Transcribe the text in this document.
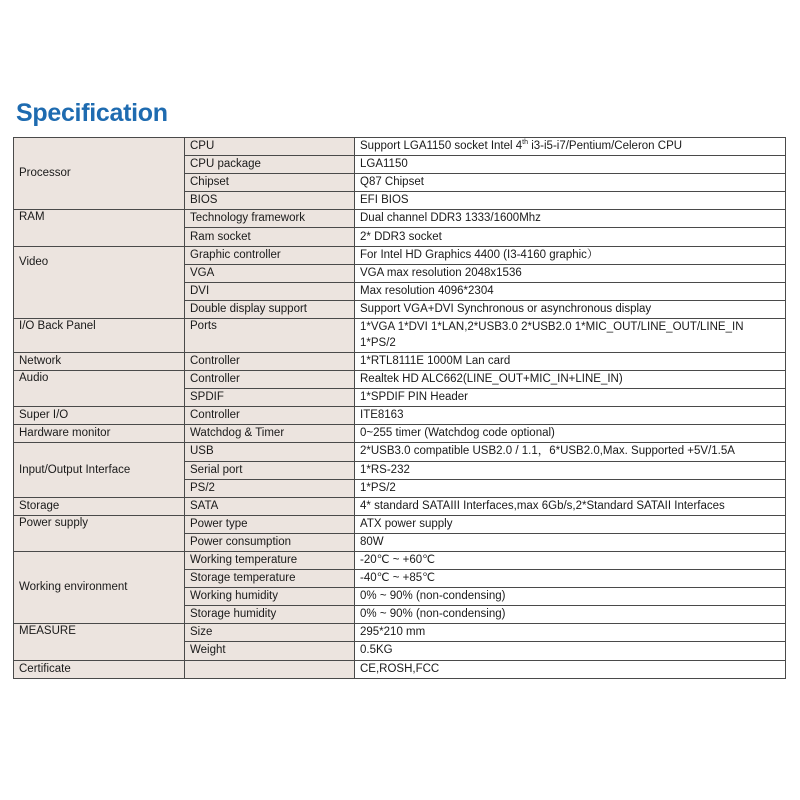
Specification
Processor	CPU	Support LGA1150 socket Intel 4th i3-i5-i7/Pentium/Celeron CPU
	CPU package	LGA1150
	Chipset	Q87 Chipset
	BIOS	EFI BIOS
RAM	Technology framework	Dual channel DDR3 1333/1600Mhz
	Ram socket	2* DDR3 socket
Video	Graphic controller	For Intel HD Graphics 4400 (I3-4160 graphic）
	VGA	VGA max resolution 2048x1536
	DVI	Max resolution 4096*2304
	Double display support	Support VGA+DVI Synchronous or asynchronous display
I/O Back Panel	Ports	1*VGA 1*DVI 1*LAN,2*USB3.0 2*USB2.0 1*MIC_OUT/LINE_OUT/LINE_IN 1*PS/2
Network	Controller	1*RTL8111E 1000M Lan card
Audio	Controller	Realtek HD ALC662(LINE_OUT+MIC_IN+LINE_IN)
	SPDIF	1*SPDIF PIN Header
Super I/O	Controller	ITE8163
Hardware monitor	Watchdog & Timer	0~255 timer (Watchdog code optional)
Input/Output Interface	USB	2*USB3.0 compatible USB2.0 / 1.1，6*USB2.0,Max. Supported +5V/1.5A
	Serial port	1*RS-232
	PS/2	1*PS/2
Storage	SATA	4* standard SATAIII Interfaces,max 6Gb/s,2*Standard SATAII Interfaces
Power supply	Power type	ATX power supply
	Power consumption	80W
Working environment	Working temperature	-20℃ ~ +60℃
	Storage temperature	-40℃ ~ +85℃
	Working humidity	0% ~ 90% (non-condensing)
	Storage humidity	0% ~ 90% (non-condensing)
MEASURE	Size	295*210 mm
	Weight	0.5KG
Certificate		CE,ROSH,FCC
